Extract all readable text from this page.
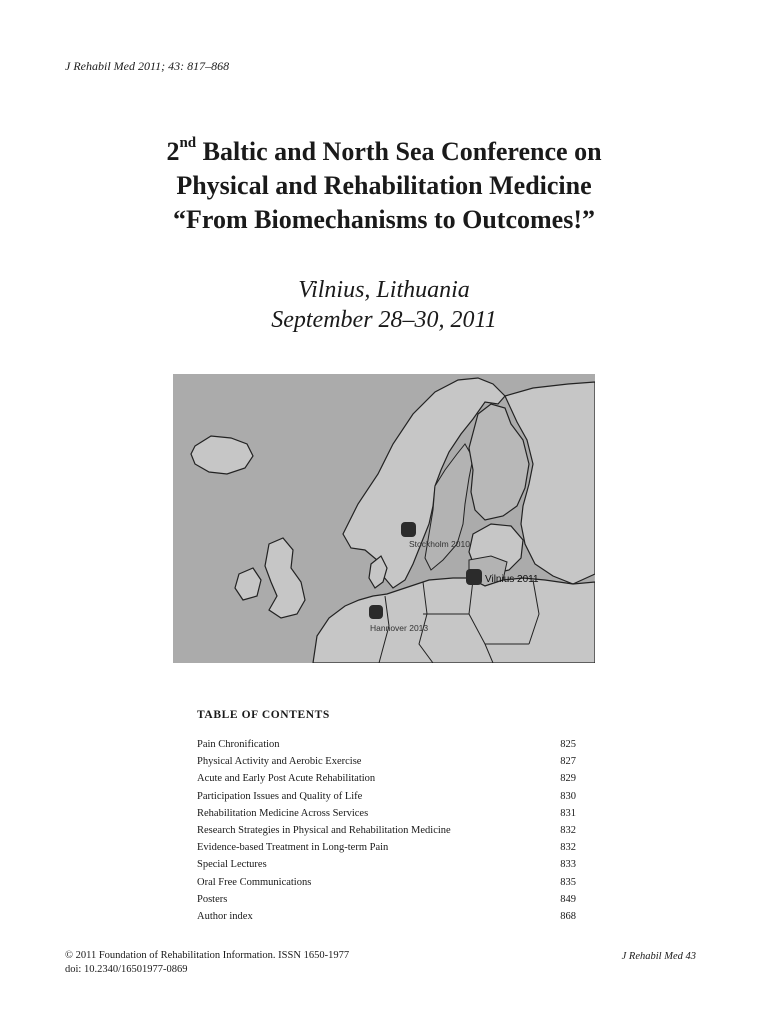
J Rehabil Med 2011; 43: 817–868
2nd Baltic and North Sea Conference on
Physical and Rehabilitation Medicine
“From Biomechanisms to Outcomes!”
Vilnius, Lithuania
September 28–30, 2011
Stockholm 2010
Vilnius 2011
Hannover 2013
TABLE OF CONTENTS
Pain Chronification	825
Physical Activity and Aerobic Exercise	827
Acute and Early Post Acute Rehabilitation	829
Participation Issues and Quality of Life	830
Rehabilitation Medicine Across Services	831
Research Strategies in Physical and Rehabilitation Medicine	832
Evidence-based Treatment in Long-term Pain	832
Special Lectures	833
Oral Free Communications	835
Posters	849
Author index	868
© 2011 Foundation of Rehabilitation Information. ISSN 1650-1977
doi: 10.2340/16501977-0869
J Rehabil Med 43
